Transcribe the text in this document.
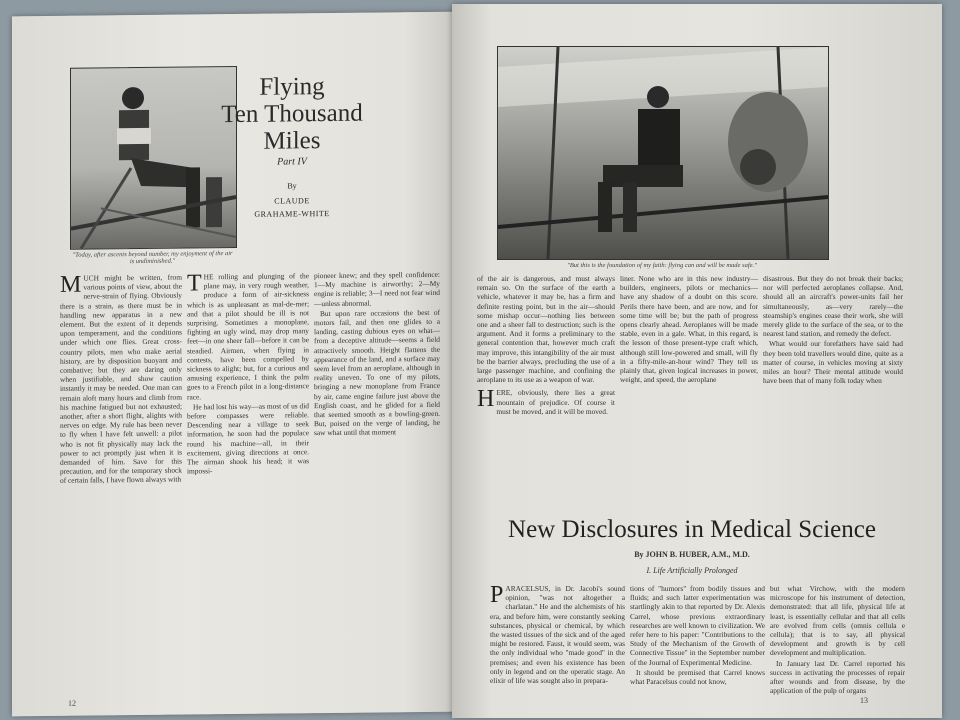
Flying
Ten Thousand
Miles
Part IV
By
CLAUDE
GRAHAME-WHITE
"Today, after ascents beyond number, my enjoyment of the air is undiminished."

MUCH might be written, from various points of view, about the nerve-strain of flying. Obviously there is a strain, as there must be in handling new apparatus in a new element. But the extent of it depends upon temperament, and the conditions under which one flies. Great cross-country pilots, men who make aerial history, are by disposition buoyant and combative; but they are daring only when justifiable, and show caution instantly it may be needed. One man can remain aloft many hours and climb from his machine fatigued but not exhausted; another, after a short flight, alights with nerves on edge. My rule has been never to fly when I have felt unwell: a pilot who is not fit physically may lack the power to act promptly just when it is demanded of him. Save for this precaution, and for the temporary shock of certain falls, I have flown always with

THE rolling and plunging of the plane may, in very rough weather, produce a form of air-sickness which is as unpleasant as mal-de-mer; and that a pilot should be ill is not surprising. Sometimes a monoplane, fighting an ugly wind, may drop many feet—in one sheer fall—before it can be steadied. Airmen, when flying in contests, have been compelled by sickness to alight; but, for a curious and amusing experience, I think the palm goes to a French pilot in a long-distance race.

He had lost his way—as most of us did before compasses were reliable. Descending near a village to seek information, he soon had the populace round his machine—all, in their excitement, giving directions at once. The airman shook his head; it was impossi-

pioneer knew; and they spell confidence: 1—My machine is airworthy; 2—My engine is reliable; 3—I need not fear wind—unless abnormal.

But upon rare occasions the best of motors fail, and then one glides to a landing, casting dubious eyes on what—from a deceptive altitude—seems a field attractively smooth. Height flattens the appearance of the land, and a surface may seem level from an aeroplane, although in reality uneven. To one of my pilots, bringing a new monoplane from France by air, came engine failure just above the English coast, and he glided for a field that seemed smooth as a bowling-green. But, poised on the verge of landing, he saw what until that moment

12
"But this is the foundation of my faith: flying can and will be made safe."

of the air is dangerous, and must always remain so. On the surface of the earth a vehicle, whatever it may be, has a firm and definite resting point, but in the air—should some mishap occur—nothing lies between one and a sheer fall to destruction; such is the argument. And it forms a preliminary to the general contention that, however much craft may improve, this intangibility of the air must be the barrier always, precluding the use of a large passenger machine, and confining the aeroplane to its use as a weapon of war.

HERE, obviously, there lies a great mountain of prejudice. Of course it must be moved, and it will be moved.

liner. None who are in this new industry—builders, engineers, pilots or mechanics—have any shadow of a doubt on this score. Perils there have been, and are now, and for some time will be; but the path of progress opens clearly ahead. Aeroplanes will be made stable, even in a gale. What, in this regard, is the lesson of those present-type craft which, although still low-powered and small, will fly in a fifty-mile-an-hour wind? They tell us plainly that, given logical increases in power, weight, and speed, the aeroplane

disastrous. But they do not break their backs; nor will perfected aeroplanes collapse. And, should all an aircraft's power-units fail her simultaneously, as—very rarely—the steamship's engines cease their work, she will merely glide to the surface of the sea, or to the nearest land station, and remedy the defect.

What would our forefathers have said had they been told travellers would dine, quite as a matter of course, in vehicles moving at sixty miles an hour? Their mental attitude would have been that of many folk today when

New Disclosures in Medical Science
By JOHN B. HUBER, A.M., M.D.
I. Life Artificially Prolonged

PARACELSUS, in Dr. Jacobi's sound opinion, "was not altogether a charlatan." He and the alchemists of his era, and before him, were constantly seeking substances, physical or chemical, by which the wasted tissues of the sick and of the aged might be restored. Faust, it would seem, was the only individual who "made good" in the premises; and even his existence has been only in legend and on the operatic stage. An elixir of life was sought also in prepara-

tions of "humors" from bodily tissues and fluids; and such latter experimentation was startlingly akin to that reported by Dr. Alexis Carrel, whose previous extraordinary researches are well known to civilization. We refer here to his paper: "Contributions to the Study of the Mechanism of the Growth of Connective Tissue" in the September number of the Journal of Experimental Medicine.

It should be premised that Carrel knows what Paracelsus could not know,

but what Virchow, with the modern microscope for his instrument of detection, demonstrated: that all life, physical life at least, is essentially cellular and that all cells are evolved from cells (omnis cellula e cellula); that is to say, all physical development and growth is by cell development and multiplication.

In January last Dr. Carrel reported his success in activating the processes of repair after wounds and from disease, by the application of the pulp of organs

13
